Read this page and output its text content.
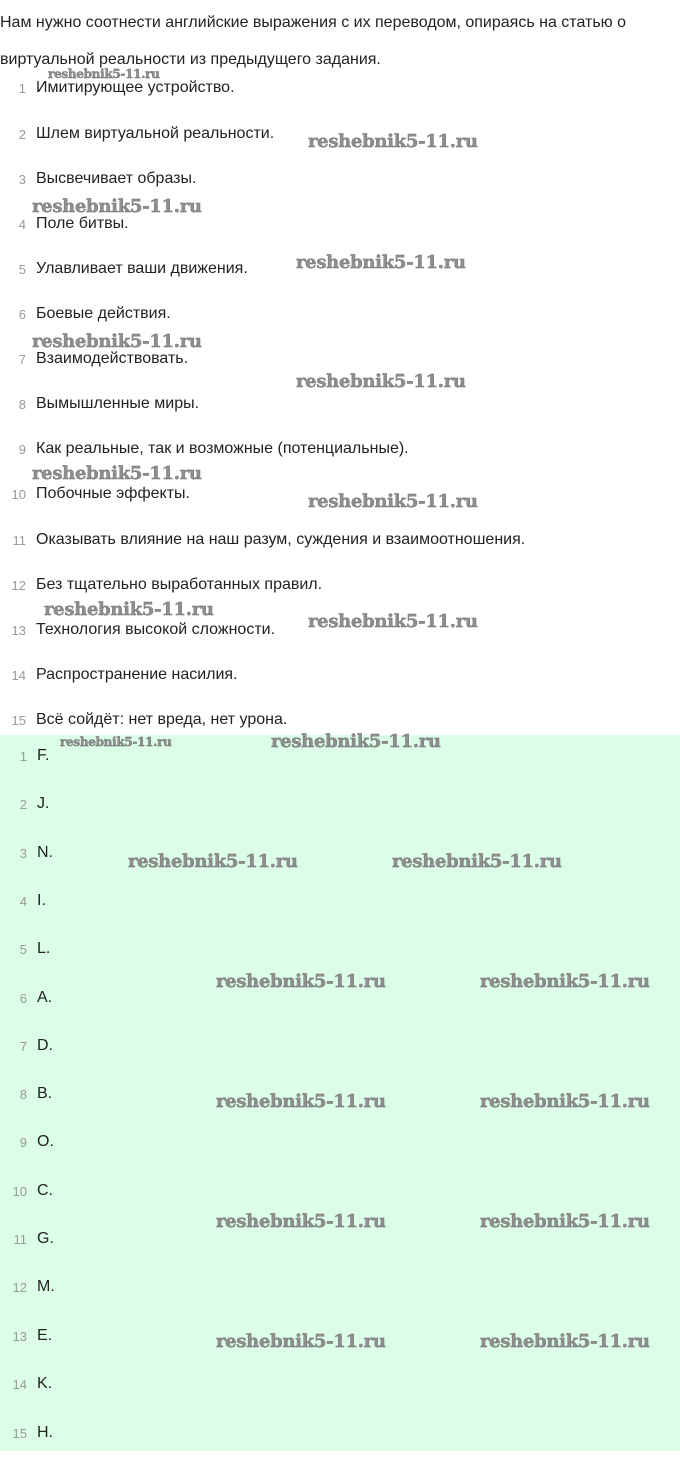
Нам нужно соотнести английские выражения с их переводом, опираясь на статью о виртуальной реальности из предыдущего задания.

1 Имитирующее устройство.
2 Шлем виртуальной реальности.
3 Высвечивает образы.
4 Поле битвы.
5 Улавливает ваши движения.
6 Боевые действия.
7 Взаимодействовать.
8 Вымышленные миры.
9 Как реальные, так и возможные (потенциальные).
10 Побочные эффекты.
11 Оказывать влияние на наш разум, суждения и взаимоотношения.
12 Без тщательно выработанных правил.
13 Технология высокой сложности.
14 Распространение насилия.
15 Всё сойдёт: нет вреда, нет урона.
1 F.
2 J.
3 N.
4 I.
5 L.
6 A.
7 D.
8 B.
9 O.
10 C.
11 G.
12 M.
13 E.
14 K.
15 H.
reshebnik5-11.ru
reshebnik5-11.ru
reshebnik5-11.ru
reshebnik5-11.ru
reshebnik5-11.ru
reshebnik5-11.ru
reshebnik5-11.ru
reshebnik5-11.ru
reshebnik5-11.ru
reshebnik5-11.ru
reshebnik5-11.ru	reshebnik5-11.ru
reshebnik5-11.ru	reshebnik5-11.ru
reshebnik5-11.ru	reshebnik5-11.ru
reshebnik5-11.ru	reshebnik5-11.ru
reshebnik5-11.ru	reshebnik5-11.ru
reshebnik5-11.ru	reshebnik5-11.ru
